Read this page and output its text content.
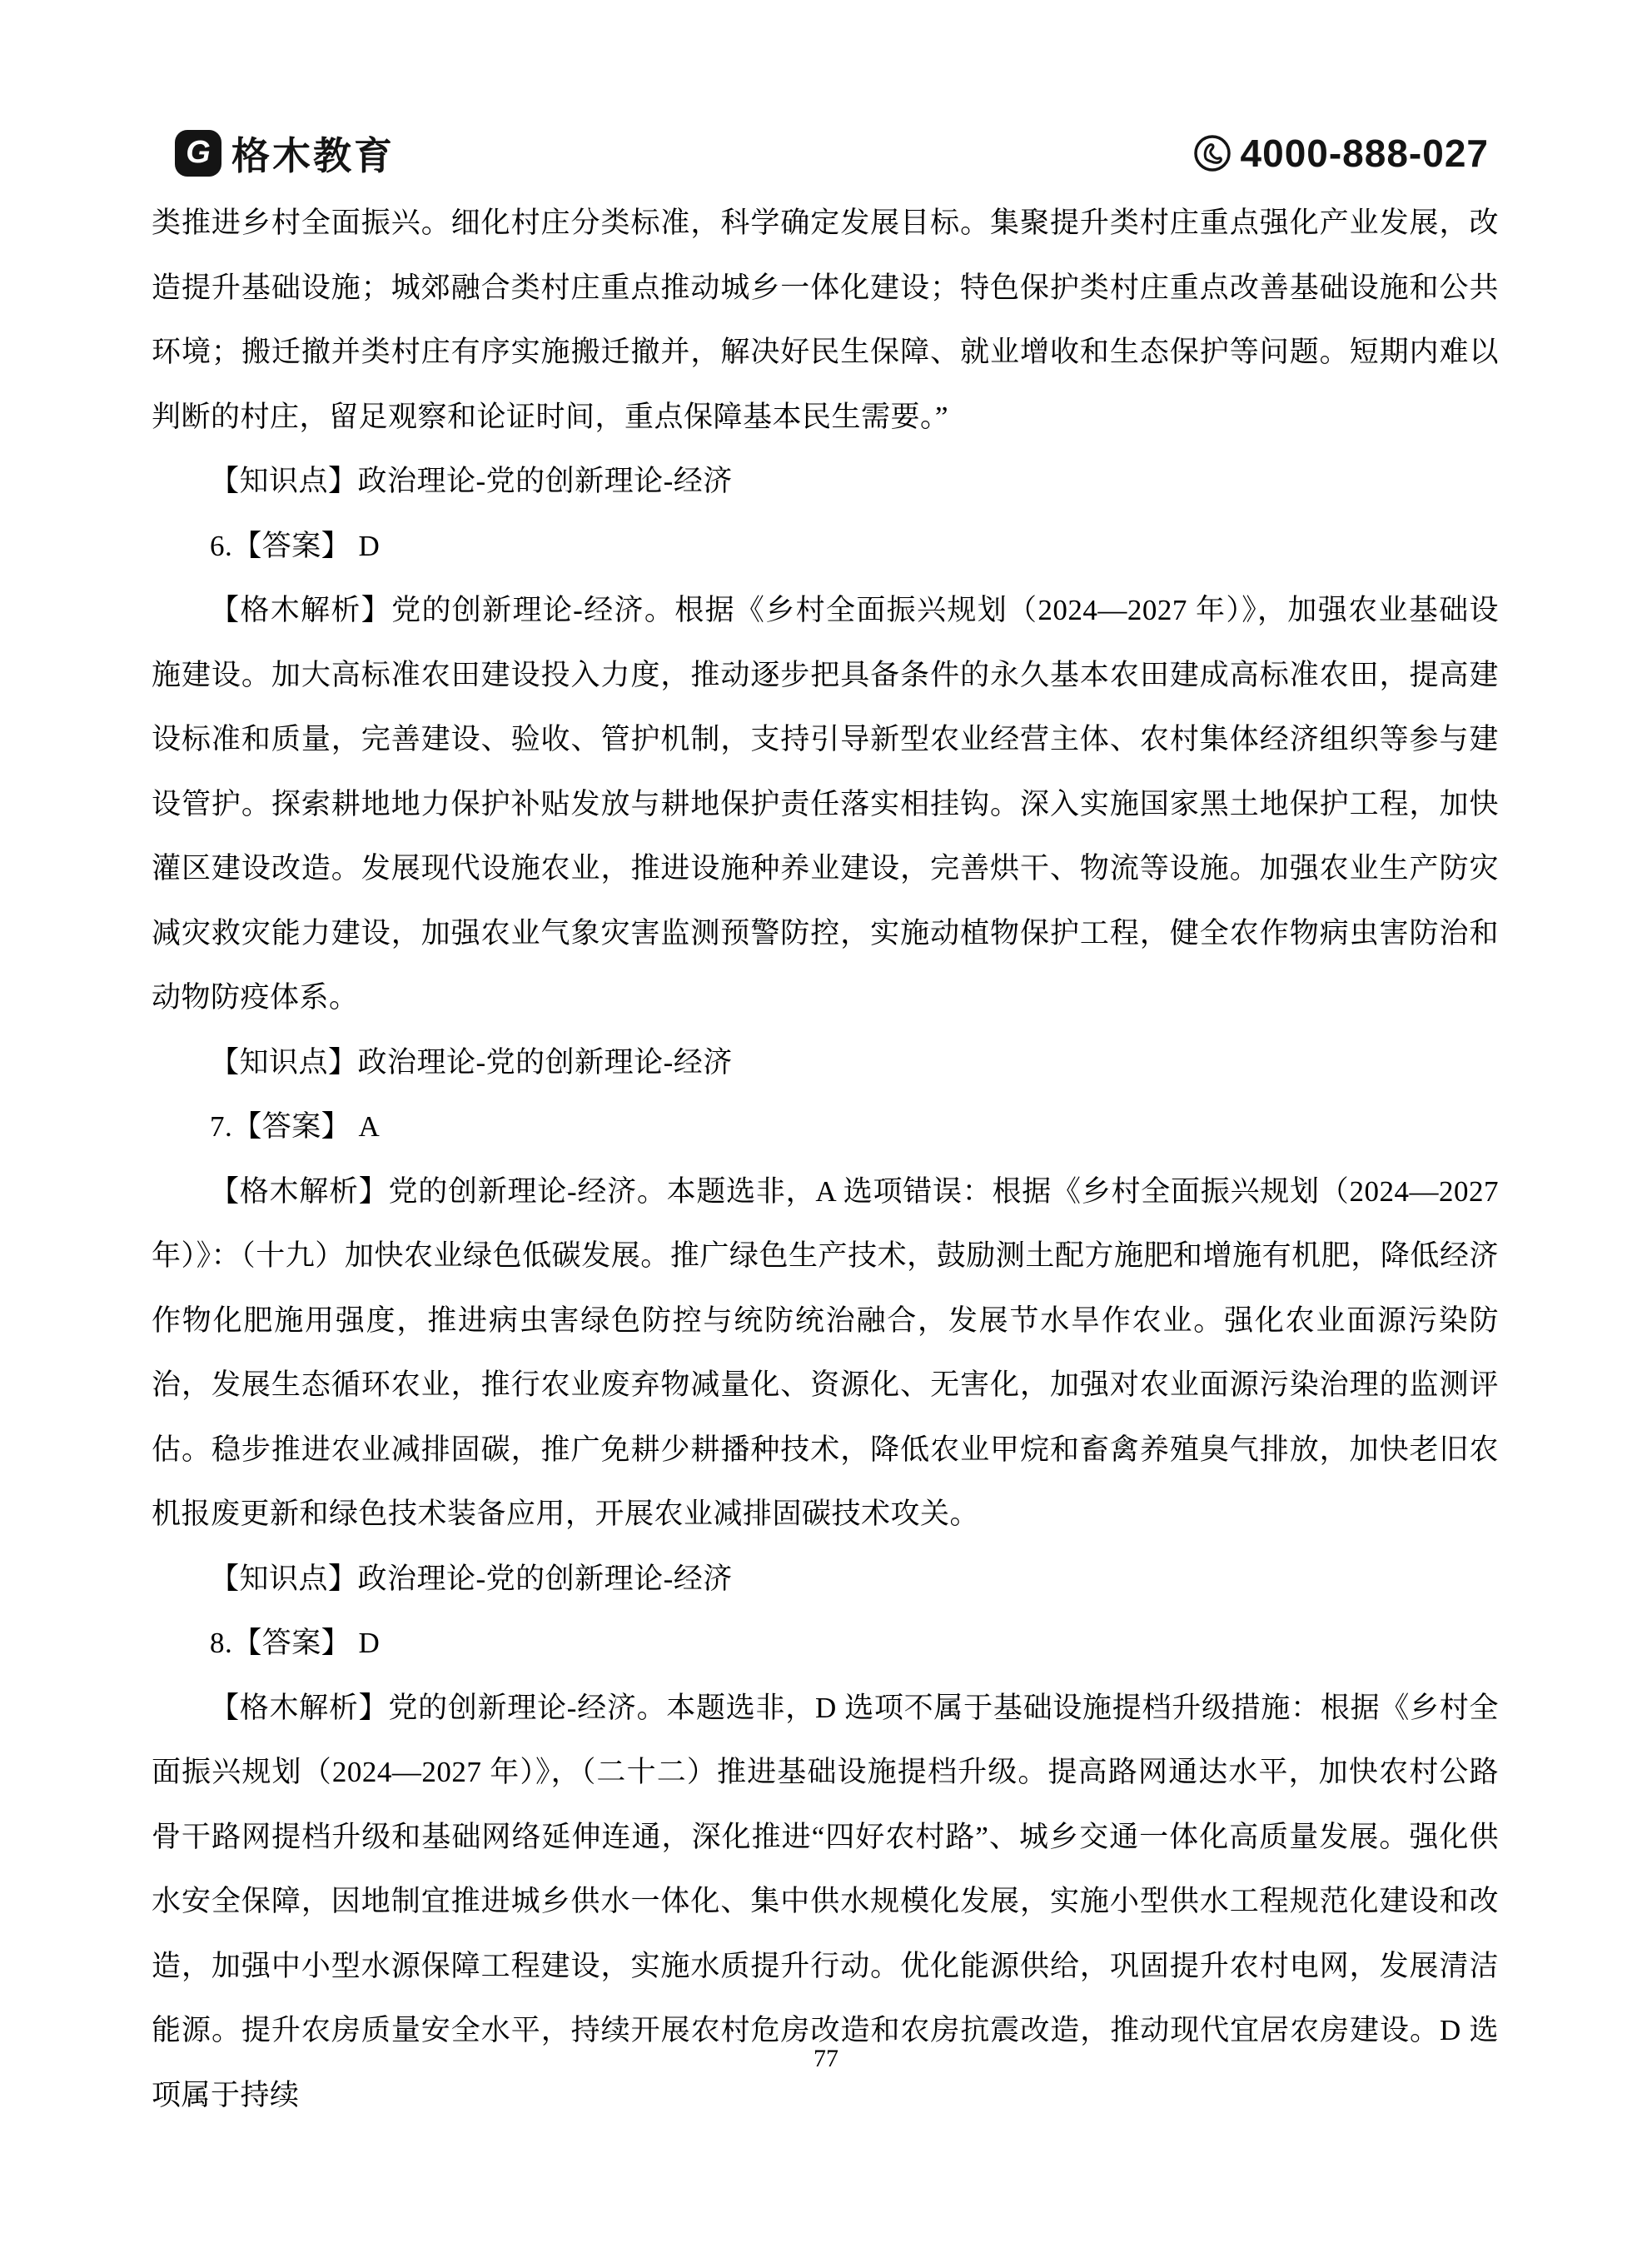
G 格木教育	4000-888-027

类推进乡村全面振兴。细化村庄分类标准，科学确定发展目标。集聚提升类村庄重点强化产业发展，改造提升基础设施；城郊融合类村庄重点推动城乡一体化建设；特色保护类村庄重点改善基础设施和公共环境；搬迁撤并类村庄有序实施搬迁撤并，解决好民生保障、就业增收和生态保护等问题。短期内难以判断的村庄，留足观察和论证时间，重点保障基本民生需要。”

【知识点】政治理论-党的创新理论-经济

6.【答案】 D

【格木解析】党的创新理论-经济。根据《乡村全面振兴规划（2024—2027 年）》，加强农业基础设施建设。加大高标准农田建设投入力度，推动逐步把具备条件的永久基本农田建成高标准农田，提高建设标准和质量，完善建设、验收、管护机制，支持引导新型农业经营主体、农村集体经济组织等参与建设管护。探索耕地地力保护补贴发放与耕地保护责任落实相挂钩。深入实施国家黑土地保护工程，加快灌区建设改造。发展现代设施农业，推进设施种养业建设，完善烘干、物流等设施。加强农业生产防灾减灾救灾能力建设，加强农业气象灾害监测预警防控，实施动植物保护工程，健全农作物病虫害防治和动物防疫体系。

【知识点】政治理论-党的创新理论-经济

7.【答案】 A

【格木解析】党的创新理论-经济。本题选非，A 选项错误：根据《乡村全面振兴规划（2024—2027 年）》：（十九）加快农业绿色低碳发展。推广绿色生产技术，鼓励测土配方施肥和增施有机肥，降低经济作物化肥施用强度，推进病虫害绿色防控与统防统治融合，发展节水旱作农业。强化农业面源污染防治，发展生态循环农业，推行农业废弃物减量化、资源化、无害化，加强对农业面源污染治理的监测评估。稳步推进农业减排固碳，推广免耕少耕播种技术，降低农业甲烷和畜禽养殖臭气排放，加快老旧农机报废更新和绿色技术装备应用，开展农业减排固碳技术攻关。

【知识点】政治理论-党的创新理论-经济

8.【答案】 D

【格木解析】党的创新理论-经济。本题选非，D 选项不属于基础设施提档升级措施：根据《乡村全面振兴规划（2024—2027 年）》，（二十二）推进基础设施提档升级。提高路网通达水平，加快农村公路骨干路网提档升级和基础网络延伸连通，深化推进“四好农村路”、城乡交通一体化高质量发展。强化供水安全保障，因地制宜推进城乡供水一体化、集中供水规模化发展，实施小型供水工程规范化建设和改造，加强中小型水源保障工程建设，实施水质提升行动。优化能源供给，巩固提升农村电网，发展清洁能源。提升农房质量安全水平，持续开展农村危房改造和农房抗震改造，推动现代宜居农房建设。D 选项属于持续

77
